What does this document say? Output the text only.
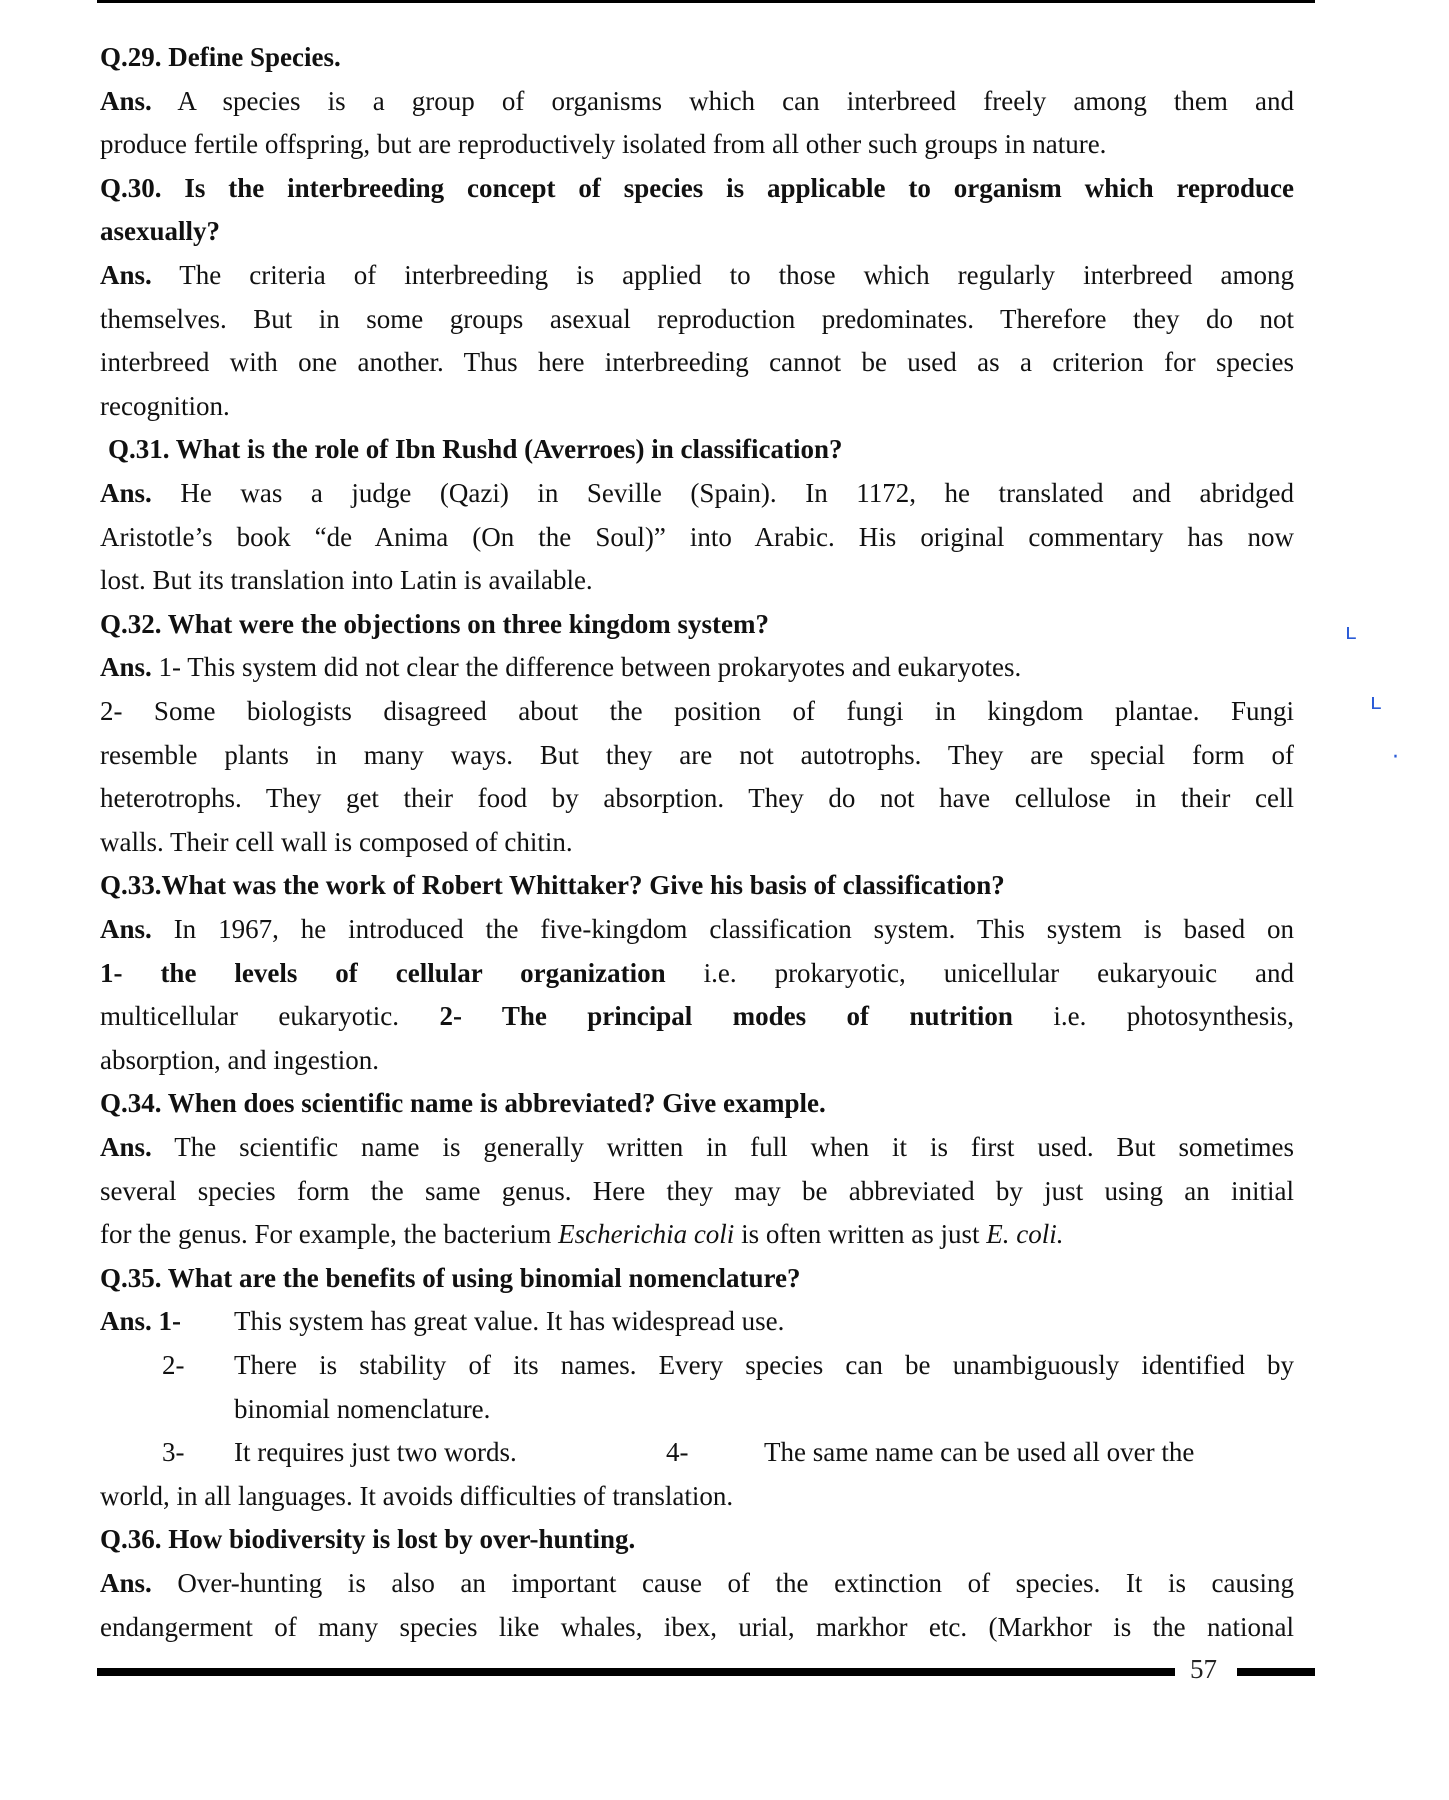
Q.29. Define Species.
Ans. A species is a group of organisms which can interbreed freely among them and
produce fertile offspring, but are reproductively isolated from all other such groups in nature.
Q.30. Is the interbreeding concept of species is applicable to organism which reproduce
asexually?
Ans. The criteria of interbreeding is applied to those which regularly interbreed among
themselves. But in some groups asexual reproduction predominates. Therefore they do not
interbreed with one another. Thus here interbreeding cannot be used as a criterion for species
recognition.
Q.31. What is the role of Ibn Rushd (Averroes) in classification?
Ans. He was a judge (Qazi) in Seville (Spain). In 1172, he translated and abridged
Aristotle’s book “de Anima (On the Soul)” into Arabic. His original commentary has now
lost. But its translation into Latin is available.
Q.32. What were the objections on three kingdom system?
Ans. 1- This system did not clear the difference between prokaryotes and eukaryotes.
2- Some biologists disagreed about the position of fungi in kingdom plantae. Fungi
resemble plants in many ways. But they are not autotrophs. They are special form of
heterotrophs. They get their food by absorption. They do not have cellulose in their cell
walls. Their cell wall is composed of chitin.
Q.33.What was the work of Robert Whittaker? Give his basis of classification?
Ans. In 1967, he introduced the five-kingdom classification system. This system is based on
1- the levels of cellular organization i.e. prokaryotic, unicellular eukaryouic and
multicellular eukaryotic. 2- The principal modes of nutrition i.e. photosynthesis,
absorption, and ingestion.
Q.34. When does scientific name is abbreviated? Give example.
Ans. The scientific name is generally written in full when it is first used. But sometimes
several species form the same genus. Here they may be abbreviated by just using an initial
for the genus. For example, the bacterium Escherichia coli is often written as just E. coli.
Q.35. What are the benefits of using binomial nomenclature?
Ans. 1- This system has great value. It has widespread use.
2- There is stability of its names. Every species can be unambiguously identified by
binomial nomenclature.
3- It requires just two words.	4-	The same name can be used all over the
world, in all languages. It avoids difficulties of translation.
Q.36. How biodiversity is lost by over-hunting.
Ans. Over-hunting is also an important cause of the extinction of species. It is causing
endangerment of many species like whales, ibex, urial, markhor etc. (Markhor is the national
ʟ
ʟ
·
57
